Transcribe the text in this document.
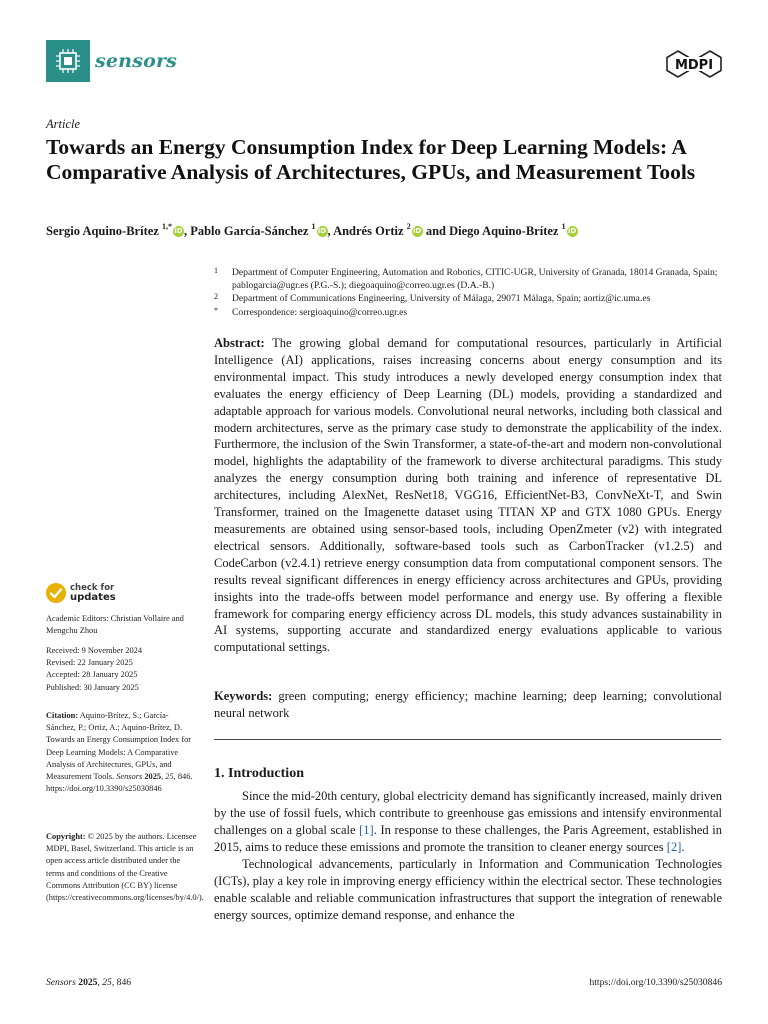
sensors	MDPI
Article
Towards an Energy Consumption Index for Deep Learning Models: A Comparative Analysis of Architectures, GPUs, and Measurement Tools
Sergio Aquino-Brítez $^{1,*}$ iD, Pablo García-Sánchez $^1$ iD, Andrés Ortiz $^2$ iD and Diego Aquino-Brítez $^1$ iD
1 Department of Computer Engineering, Automation and Robotics, CITIC-UGR, University of Granada, 18014 Granada, Spain; pablogarcia@ugr.es (P.G.-S.); diegoaquino@correo.ugr.es (D.A.-B.)
2 Department of Communications Engineering, University of Málaga, 29071 Málaga, Spain; aortiz@ic.uma.es
* Correspondence: sergioaquino@correo.ugr.es
Abstract: The growing global demand for computational resources, particularly in Artificial Intelligence (AI) applications, raises increasing concerns about energy consumption and its environmental impact. This study introduces a newly developed energy consumption index that evaluates the energy efficiency of Deep Learning (DL) models, providing a standardized and adaptable approach for various models. Convolutional neural networks, including both classical and modern architectures, serve as the primary case study to demonstrate the applicability of the index. Furthermore, the inclusion of the Swin Transformer, a state-of-the-art and modern non-convolutional model, highlights the adaptability of the framework to diverse architectural paradigms. This study analyzes the energy consumption during both training and inference of representative DL architectures, including AlexNet, ResNet18, VGG16, EfficientNet-B3, ConvNeXt-T, and Swin Transformer, trained on the Imagenette dataset using TITAN XP and GTX 1080 GPUs. Energy measurements are obtained using sensor-based tools, including OpenZmeter (v2) with integrated electrical sensors. Additionally, software-based tools such as CarbonTracker (v1.2.5) and CodeCarbon (v2.4.1) retrieve energy consumption data from computational component sensors. The results reveal significant differences in energy efficiency across architectures and GPUs, providing insights into the trade-offs between model performance and energy use. By offering a flexible framework for comparing energy efficiency across DL models, this study advances sustainability in AI systems, supporting accurate and standardized energy evaluations applicable to various computational settings.
Keywords: green computing; energy efficiency; machine learning; deep learning; convolutional neural network
1. Introduction

Since the mid-20th century, global electricity demand has significantly increased, mainly driven by the use of fossil fuels, which contribute to greenhouse gas emissions and intensify environmental challenges on a global scale [1]. In response to these challenges, the Paris Agreement, established in 2015, aims to reduce these emissions and promote the transition to cleaner energy sources [2].

Technological advancements, particularly in Information and Communication Technologies (ICTs), play a key role in improving energy efficiency within the electrical sector. These technologies enable scalable and reliable communication infrastructures that support the integration of renewable energy sources, optimize demand response, and enhance the

check for
updates
Academic Editors: Christian Vollaire and Mengchu Zhou
Received: 9 November 2024
Revised: 22 January 2025
Accepted: 28 January 2025
Published: 30 January 2025
Citation: Aquino-Brítez, S.; García-Sánchez, P.; Ortiz, A.; Aquino-Brítez, D. Towards an Energy Consumption Index for Deep Learning Models: A Comparative Analysis of Architectures, GPUs, and Measurement Tools. Sensors 2025, 25, 846. https://doi.org/10.3390/s25030846
Copyright: © 2025 by the authors. Licensee MDPI, Basel, Switzerland. This article is an open access article distributed under the terms and conditions of the Creative Commons Attribution (CC BY) license (https://creativecommons.org/licenses/by/4.0/).
Sensors 2025, 25, 846	https://doi.org/10.3390/s25030846
